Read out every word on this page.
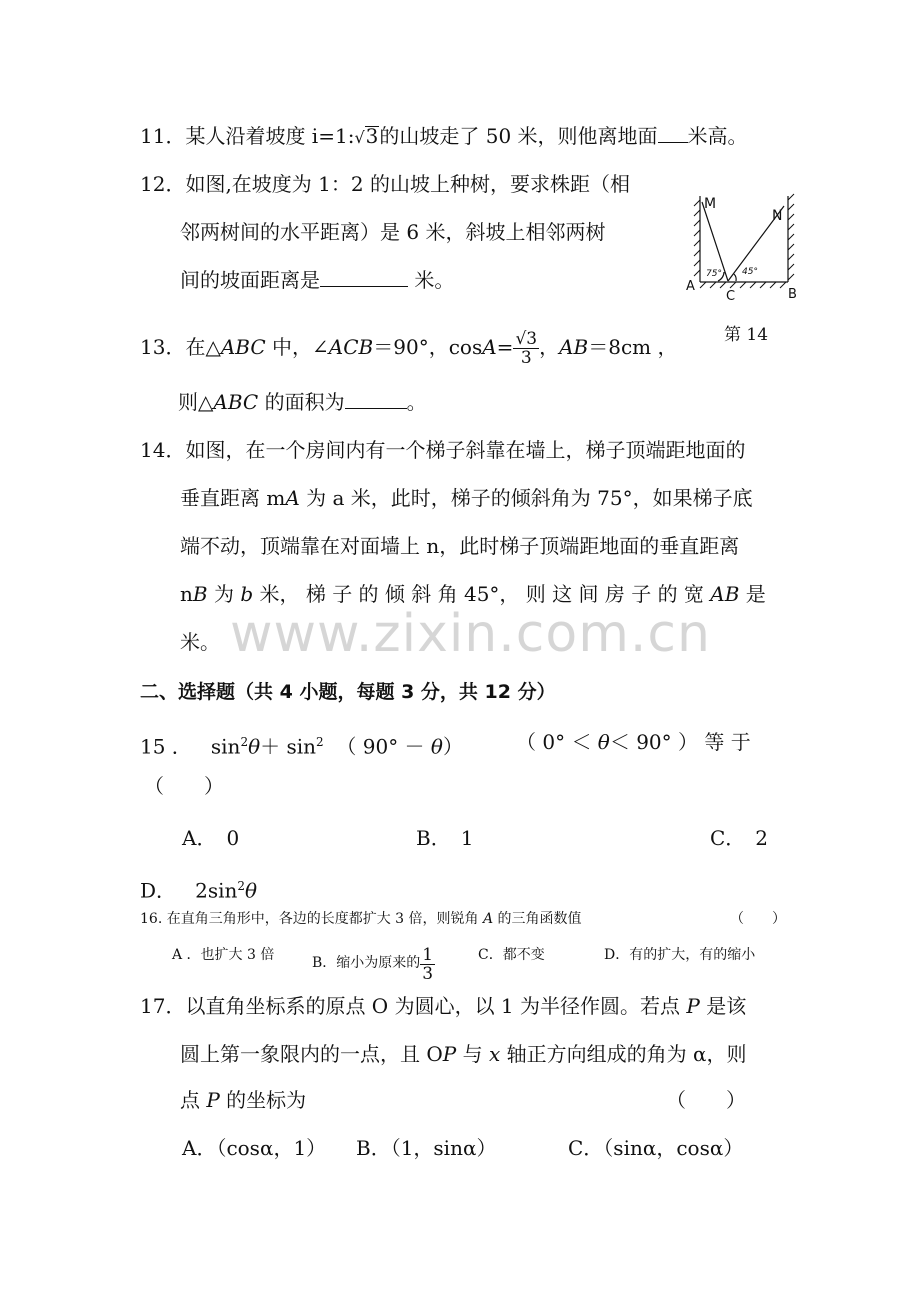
11．某人沿着坡度 i=1:√3的山坡走了 50 米，则他离地面 米高。
12．如图,在坡度为 1：2 的山坡上种树，要求株距（相
邻两树间的水平距离）是 6 米，斜坡上相邻两树
间的坡面距离是	米。
M
N
A
C	B
75° 45°
第 14
13．在△ABC 中，∠ACB＝90°，$\cos A= \frac{√3}{3}$ ，AB＝8cm ，
则△ABC 的面积为	。
14．如图，在一个房间内有一个梯子斜靠在墙上，梯子顶端距地面的
垂直距离 mA 为 a 米，此时，梯子的倾斜角为 75°，如果梯子底
端不动，顶端靠在对面墙上 n，此时梯子顶端距地面的垂直距离
nB 为 b 米， 梯 子 的 倾 斜 角 45°， 则 这 间 房 子 的 宽 AB 是
米。 www.zixin.com.cn
二、选择题（共 4 小题，每题 3 分，共 12 分）
15 ． $\sin^2\theta+ \sin^2$ （ 90° － θ）	（ 0° ＜ θ＜ 90° ） 等 于
（　　）
A．　0	B．　1	C．　2
D． $2\sin^2\theta$
16. 在直角三角形中，各边的长度都扩大 3 倍，则锐角 A 的三角函数值	（　　）
A ．也扩大 3 倍	B．缩小为原来的 $\frac{1}{3}$	C．都不变	D．有的扩大，有的缩小
17．以直角坐标系的原点 O 为圆心，以 1 为半径作圆。若点 P 是该
圆上第一象限内的一点，且 OP 与 x 轴正方向组成的角为 α，则
点 P 的坐标为	（　　）
A．（cosα，1） B．（1，sinα）	C．（sinα，cosα）
